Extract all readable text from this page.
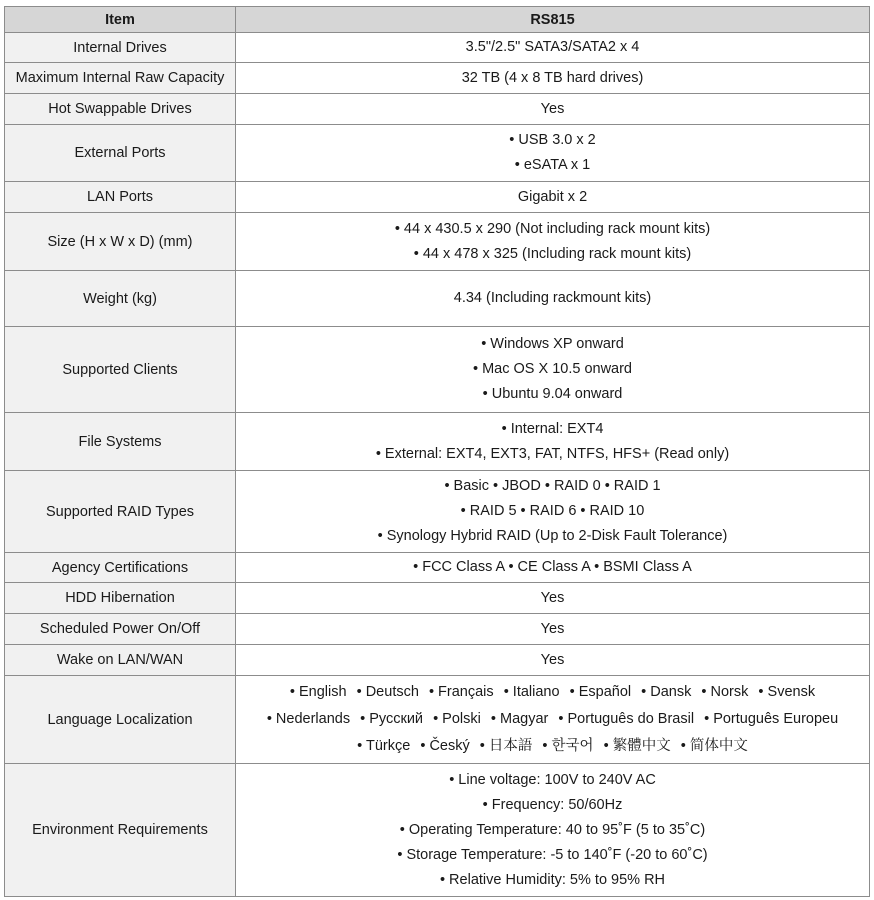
Item	RS815
Internal Drives	3.5"/2.5" SATA3/SATA2 x 4

Maximum Internal Raw Capacity	32 TB (4 x 8 TB hard drives)

Hot Swappable Drives	Yes

External Ports	• USB 3.0 x 2
• eSATA x 1

LAN Ports	Gigabit x 2

Size (H x W x D) (mm)	• 44 x 430.5 x 290 (Not including rack mount kits)
• 44 x 478 x 325 (Including rack mount kits)

Weight (kg)	4.34 (Including rackmount kits)

Supported Clients	• Windows XP onward
• Mac OS X 10.5 onward
• Ubuntu 9.04 onward

File Systems	• Internal: EXT4
• External: EXT4, EXT3, FAT, NTFS, HFS+ (Read only)

Supported RAID Types	• Basic • JBOD • RAID 0 • RAID 1
• RAID 5 • RAID 6 • RAID 10
• Synology Hybrid RAID (Up to 2-Disk Fault Tolerance)

Agency Certifications	• FCC Class A • CE Class A • BSMI Class A

HDD Hibernation	Yes

Scheduled Power On/Off	Yes

Wake on LAN/WAN	Yes

Language Localization	• English • Deutsch • Français • Italiano • Español • Dansk • Norsk • Svensk
• Nederlands • Русский • Polski • Magyar • Português do Brasil • Português Europeu
• Türkçe • Český • 日本語 • 한국어 • 繁體中文 • 简体中文

Environment Requirements	• Line voltage: 100V to 240V AC
• Frequency: 50/60Hz
• Operating Temperature: 40 to 95˚F (5 to 35˚C)
• Storage Temperature: -5 to 140˚F (-20 to 60˚C)
• Relative Humidity: 5% to 95% RH
